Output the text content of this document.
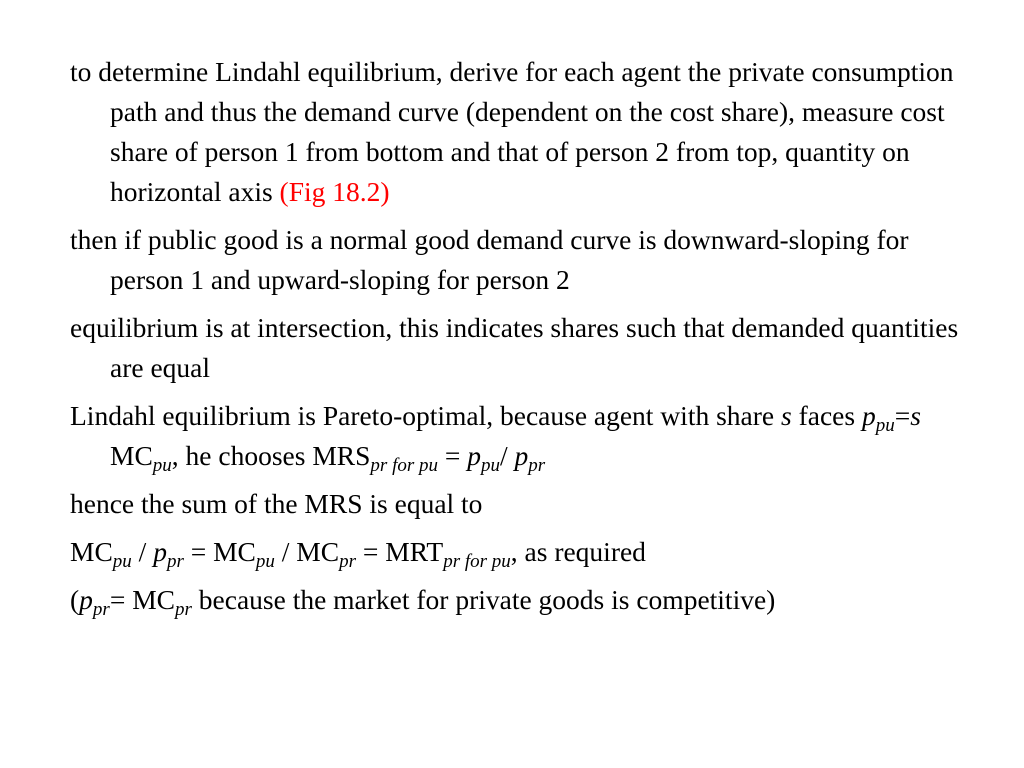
to determine Lindahl equilibrium, derive for each agent the private consumption path and thus the demand curve (dependent on the cost share), measure cost share of person 1 from bottom and that of person 2 from top, quantity on horizontal axis (Fig 18.2)

then if public good is a normal good demand curve is downward-sloping for person 1 and upward-sloping for person 2

equilibrium is at intersection, this indicates shares such that demanded quantities are equal

Lindahl equilibrium is Pareto-optimal, because agent with share s faces $p_{pu}=s$ $MC_{pu}$, he chooses $MRS_{pr for pu} = p_{pu}/$ $p_{pr}$

hence the sum of the MRS is equal to

$MC_{pu} / p_{pr} = MC_{pu} / MC_{pr} = MRT_{pr for pu}$, as required

($p_{pr}= MC_{pr}$ because the market for private goods is competitive)
